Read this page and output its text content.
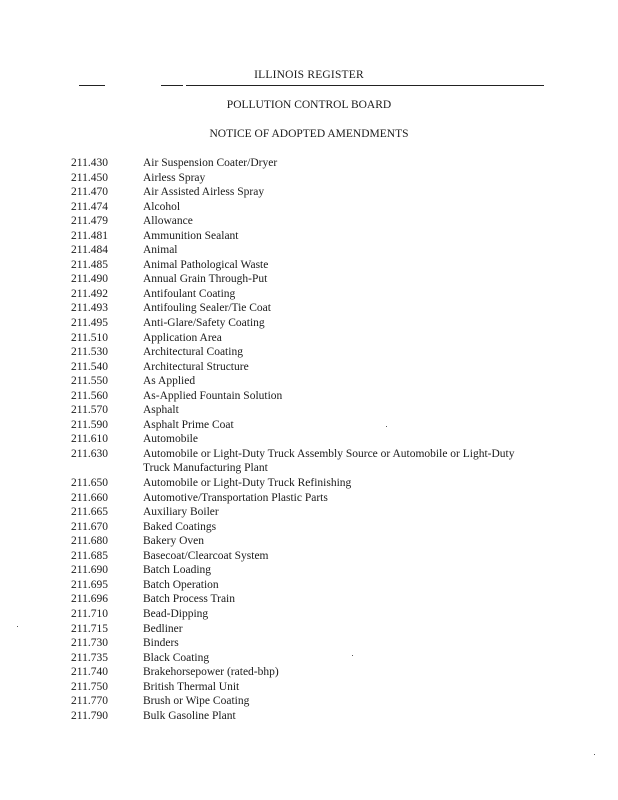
ILLINOIS REGISTER
POLLUTION CONTROL BOARD
NOTICE OF ADOPTED AMENDMENTS
211.430	Air Suspension Coater/Dryer
211.450	Airless Spray
211.470	Air Assisted Airless Spray
211.474	Alcohol
211.479	Allowance
211.481	Ammunition Sealant
211.484	Animal
211.485	Animal Pathological Waste
211.490	Annual Grain Through-Put
211.492	Antifoulant Coating
211.493	Antifouling Sealer/Tie Coat
211.495	Anti-Glare/Safety Coating
211.510	Application Area
211.530	Architectural Coating
211.540	Architectural Structure
211.550	As Applied
211.560	As-Applied Fountain Solution
211.570	Asphalt
211.590	Asphalt Prime Coat
211.610	Automobile
211.630	Automobile or Light-Duty Truck Assembly Source or Automobile or Light-Duty
Truck Manufacturing Plant
211.650	Automobile or Light-Duty Truck Refinishing
211.660	Automotive/Transportation Plastic Parts
211.665	Auxiliary Boiler
211.670	Baked Coatings
211.680	Bakery Oven
211.685	Basecoat/Clearcoat System
211.690	Batch Loading
211.695	Batch Operation
211.696	Batch Process Train
211.710	Bead-Dipping
211.715	Bedliner
211.730	Binders
211.735	Black Coating
211.740	Brakehorsepower (rated-bhp)
211.750	British Thermal Unit
211.770	Brush or Wipe Coating
211.790	Bulk Gasoline Plant
